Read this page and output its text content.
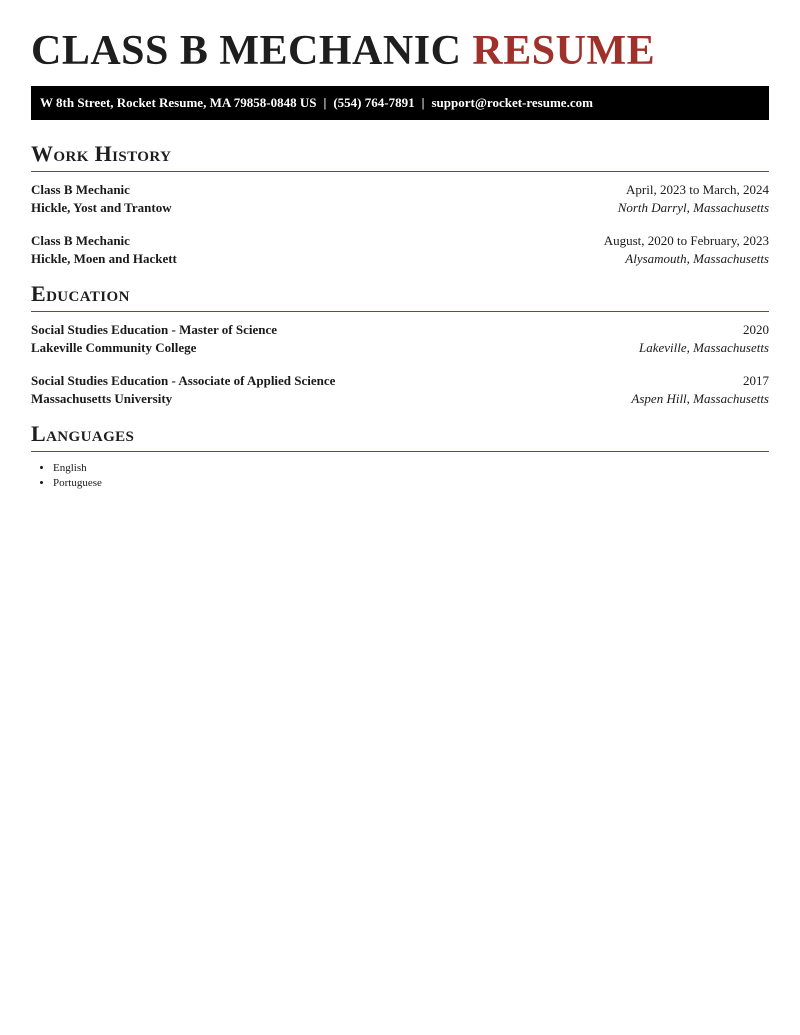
CLASS B MECHANIC RESUME
W 8th Street, Rocket Resume, MA 79858-0848 US | (554) 764-7891 | support@rocket-resume.com
Work History
Class B Mechanic	April, 2023 to March, 2024
Hickle, Yost and Trantow	North Darryl, Massachusetts
Class B Mechanic	August, 2020 to February, 2023
Hickle, Moen and Hackett	Alysamouth, Massachusetts
Education
Social Studies Education - Master of Science	2020
Lakeville Community College	Lakeville, Massachusetts
Social Studies Education - Associate of Applied Science	2017
Massachusetts University	Aspen Hill, Massachusetts
Languages
• English
• Portuguese
